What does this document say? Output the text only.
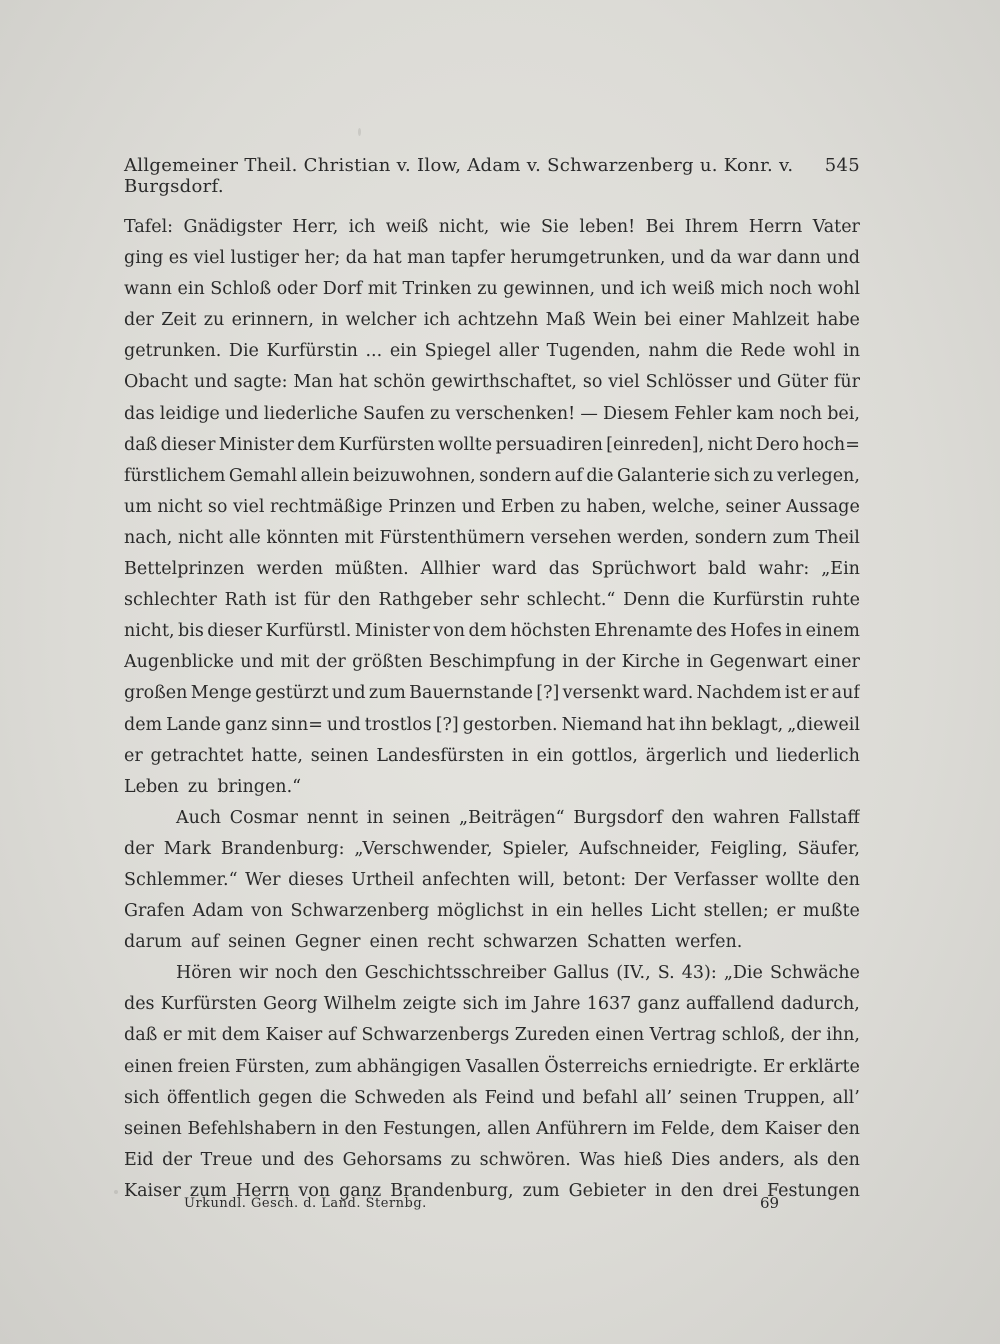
Allgemeiner Theil. Christian v. Ilow, Adam v. Schwarzenberg u. Konr. v. Burgsdorf.
545
Tafel: Gnädigster Herr, ich weiß nicht, wie Sie leben! Bei Ihrem Herrn Vater
ging es viel lustiger her; da hat man tapfer herumgetrunken, und da war dann und
wann ein Schloß oder Dorf mit Trinken zu gewinnen, und ich weiß mich noch wohl
der Zeit zu erinnern, in welcher ich achtzehn Maß Wein bei einer Mahlzeit habe
getrunken. Die Kurfürstin ... ein Spiegel aller Tugenden, nahm die Rede wohl in
Obacht und sagte: Man hat schön gewirthschaftet, so viel Schlösser und Güter für
das leidige und liederliche Saufen zu verschenken! — Diesem Fehler kam noch bei,
daß dieser Minister dem Kurfürsten wollte persuadiren [einreden], nicht Dero hoch=
fürstlichem Gemahl allein beizuwohnen, sondern auf die Galanterie sich zu verlegen,
um nicht so viel rechtmäßige Prinzen und Erben zu haben, welche, seiner Aussage
nach, nicht alle könnten mit Fürstenthümern versehen werden, sondern zum Theil
Bettelprinzen werden müßten. Allhier ward das Sprüchwort bald wahr: „Ein
schlechter Rath ist für den Rathgeber sehr schlecht.“ Denn die Kurfürstin ruhte
nicht, bis dieser Kurfürstl. Minister von dem höchsten Ehrenamte des Hofes in einem
Augenblicke und mit der größten Beschimpfung in der Kirche in Gegenwart einer
großen Menge gestürzt und zum Bauernstande [?] versenkt ward. Nachdem ist er auf
dem Lande ganz sinn= und trostlos [?] gestorben. Niemand hat ihn beklagt, „dieweil
er getrachtet hatte, seinen Landesfürsten in ein gottlos, ärgerlich und liederlich
Leben zu bringen.“
Auch Cosmar nennt in seinen „Beiträgen“ Burgsdorf den wahren Fallstaff
der Mark Brandenburg: „Verschwender, Spieler, Aufschneider, Feigling, Säufer,
Schlemmer.“ Wer dieses Urtheil anfechten will, betont: Der Verfasser wollte den
Grafen Adam von Schwarzenberg möglichst in ein helles Licht stellen; er mußte
darum auf seinen Gegner einen recht schwarzen Schatten werfen.
Hören wir noch den Geschichtsschreiber Gallus (IV., S. 43): „Die Schwäche
des Kurfürsten Georg Wilhelm zeigte sich im Jahre 1637 ganz auffallend dadurch,
daß er mit dem Kaiser auf Schwarzenbergs Zureden einen Vertrag schloß, der ihn,
einen freien Fürsten, zum abhängigen Vasallen Österreichs erniedrigte. Er erklärte
sich öffentlich gegen die Schweden als Feind und befahl all’ seinen Truppen, all’
seinen Befehlshabern in den Festungen, allen Anführern im Felde, dem Kaiser den
Eid der Treue und des Gehorsams zu schwören. Was hieß Dies anders, als den
Kaiser zum Herrn von ganz Brandenburg, zum Gebieter in den drei Festungen
Urkundl. Gesch. d. Land. Sternbg.	69
